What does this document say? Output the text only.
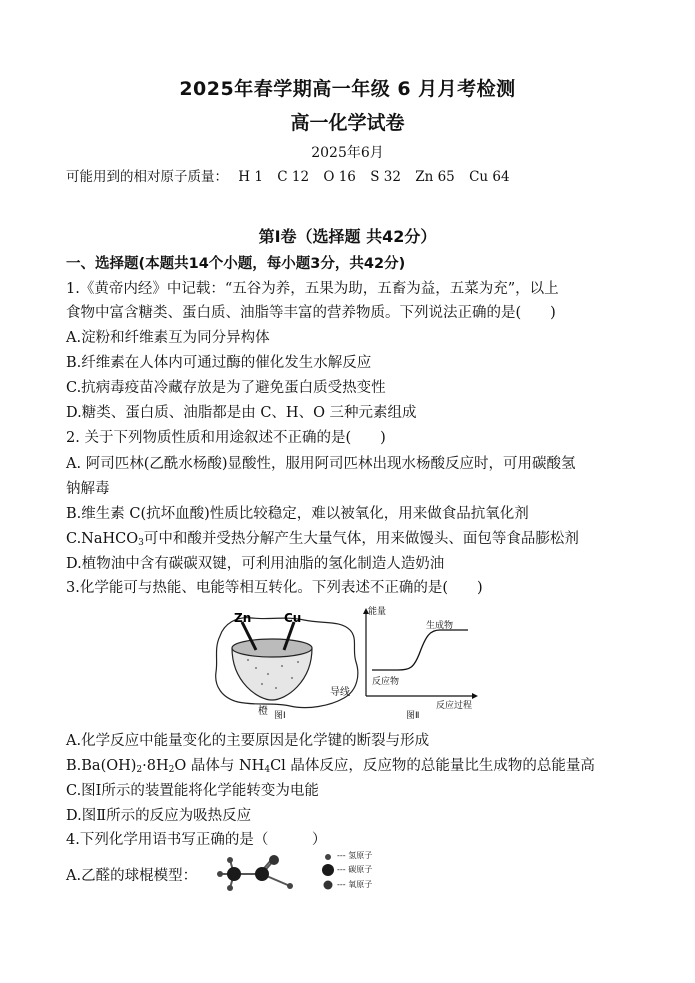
2025年春学期高一年级 6 月月考检测
高一化学试卷
2025年6月
可能用到的相对原子质量： H 1 C 12 O 16 S 32 Zn 65 Cu 64
第Ⅰ卷（选择题 共42分）
一、选择题(本题共14个小题，每小题3分，共42分)
1.《黄帝内经》中记载：“五谷为养，五果为助，五畜为益，五菜为充”，以上
食物中富含糖类、蛋白质、油脂等丰富的营养物质。下列说法正确的是(　　)
A.淀粉和纤维素互为同分异构体
B.纤维素在人体内可通过酶的催化发生水解反应
C.抗病毒疫苗冷藏存放是为了避免蛋白质受热变性
D.糖类、蛋白质、油脂都是由 C、H、O 三种元素组成
2. 关于下列物质性质和用途叙述不正确的是(　　)
A. 阿司匹林(乙酰水杨酸)显酸性，服用阿司匹林出现水杨酸反应时，可用碳酸氢
钠解毒
B.维生素 C(抗坏血酸)性质比较稳定，难以被氧化，用来做食品抗氧化剂
C.NaHCO$_3$可中和酸并受热分解产生大量气体，用来做馒头、面包等食品膨松剂
D.植物油中含有碳碳双键，可利用油脂的氢化制造人造奶油
3.化学能可与热能、电能等相互转化。下列表述不正确的是(　　)
Zn	Cu
橙
导线
图Ⅰ
能量
生成物
反应物
反应过程
图Ⅱ
A.化学反应中能量变化的主要原因是化学键的断裂与形成
$B.Ba(OH)_2\cdot 8H_2O$ 晶体与 $NH_4Cl$ 晶体反应，反应物的总能量比生成物的总能量高
C.图Ⅰ所示的装置能将化学能转变为电能
D.图Ⅱ所示的反应为吸热反应
4.下列化学用语书写正确的是（　　　）
A.乙醛的球棍模型：
--- 氢原子
--- 碳原子
--- 氧原子
